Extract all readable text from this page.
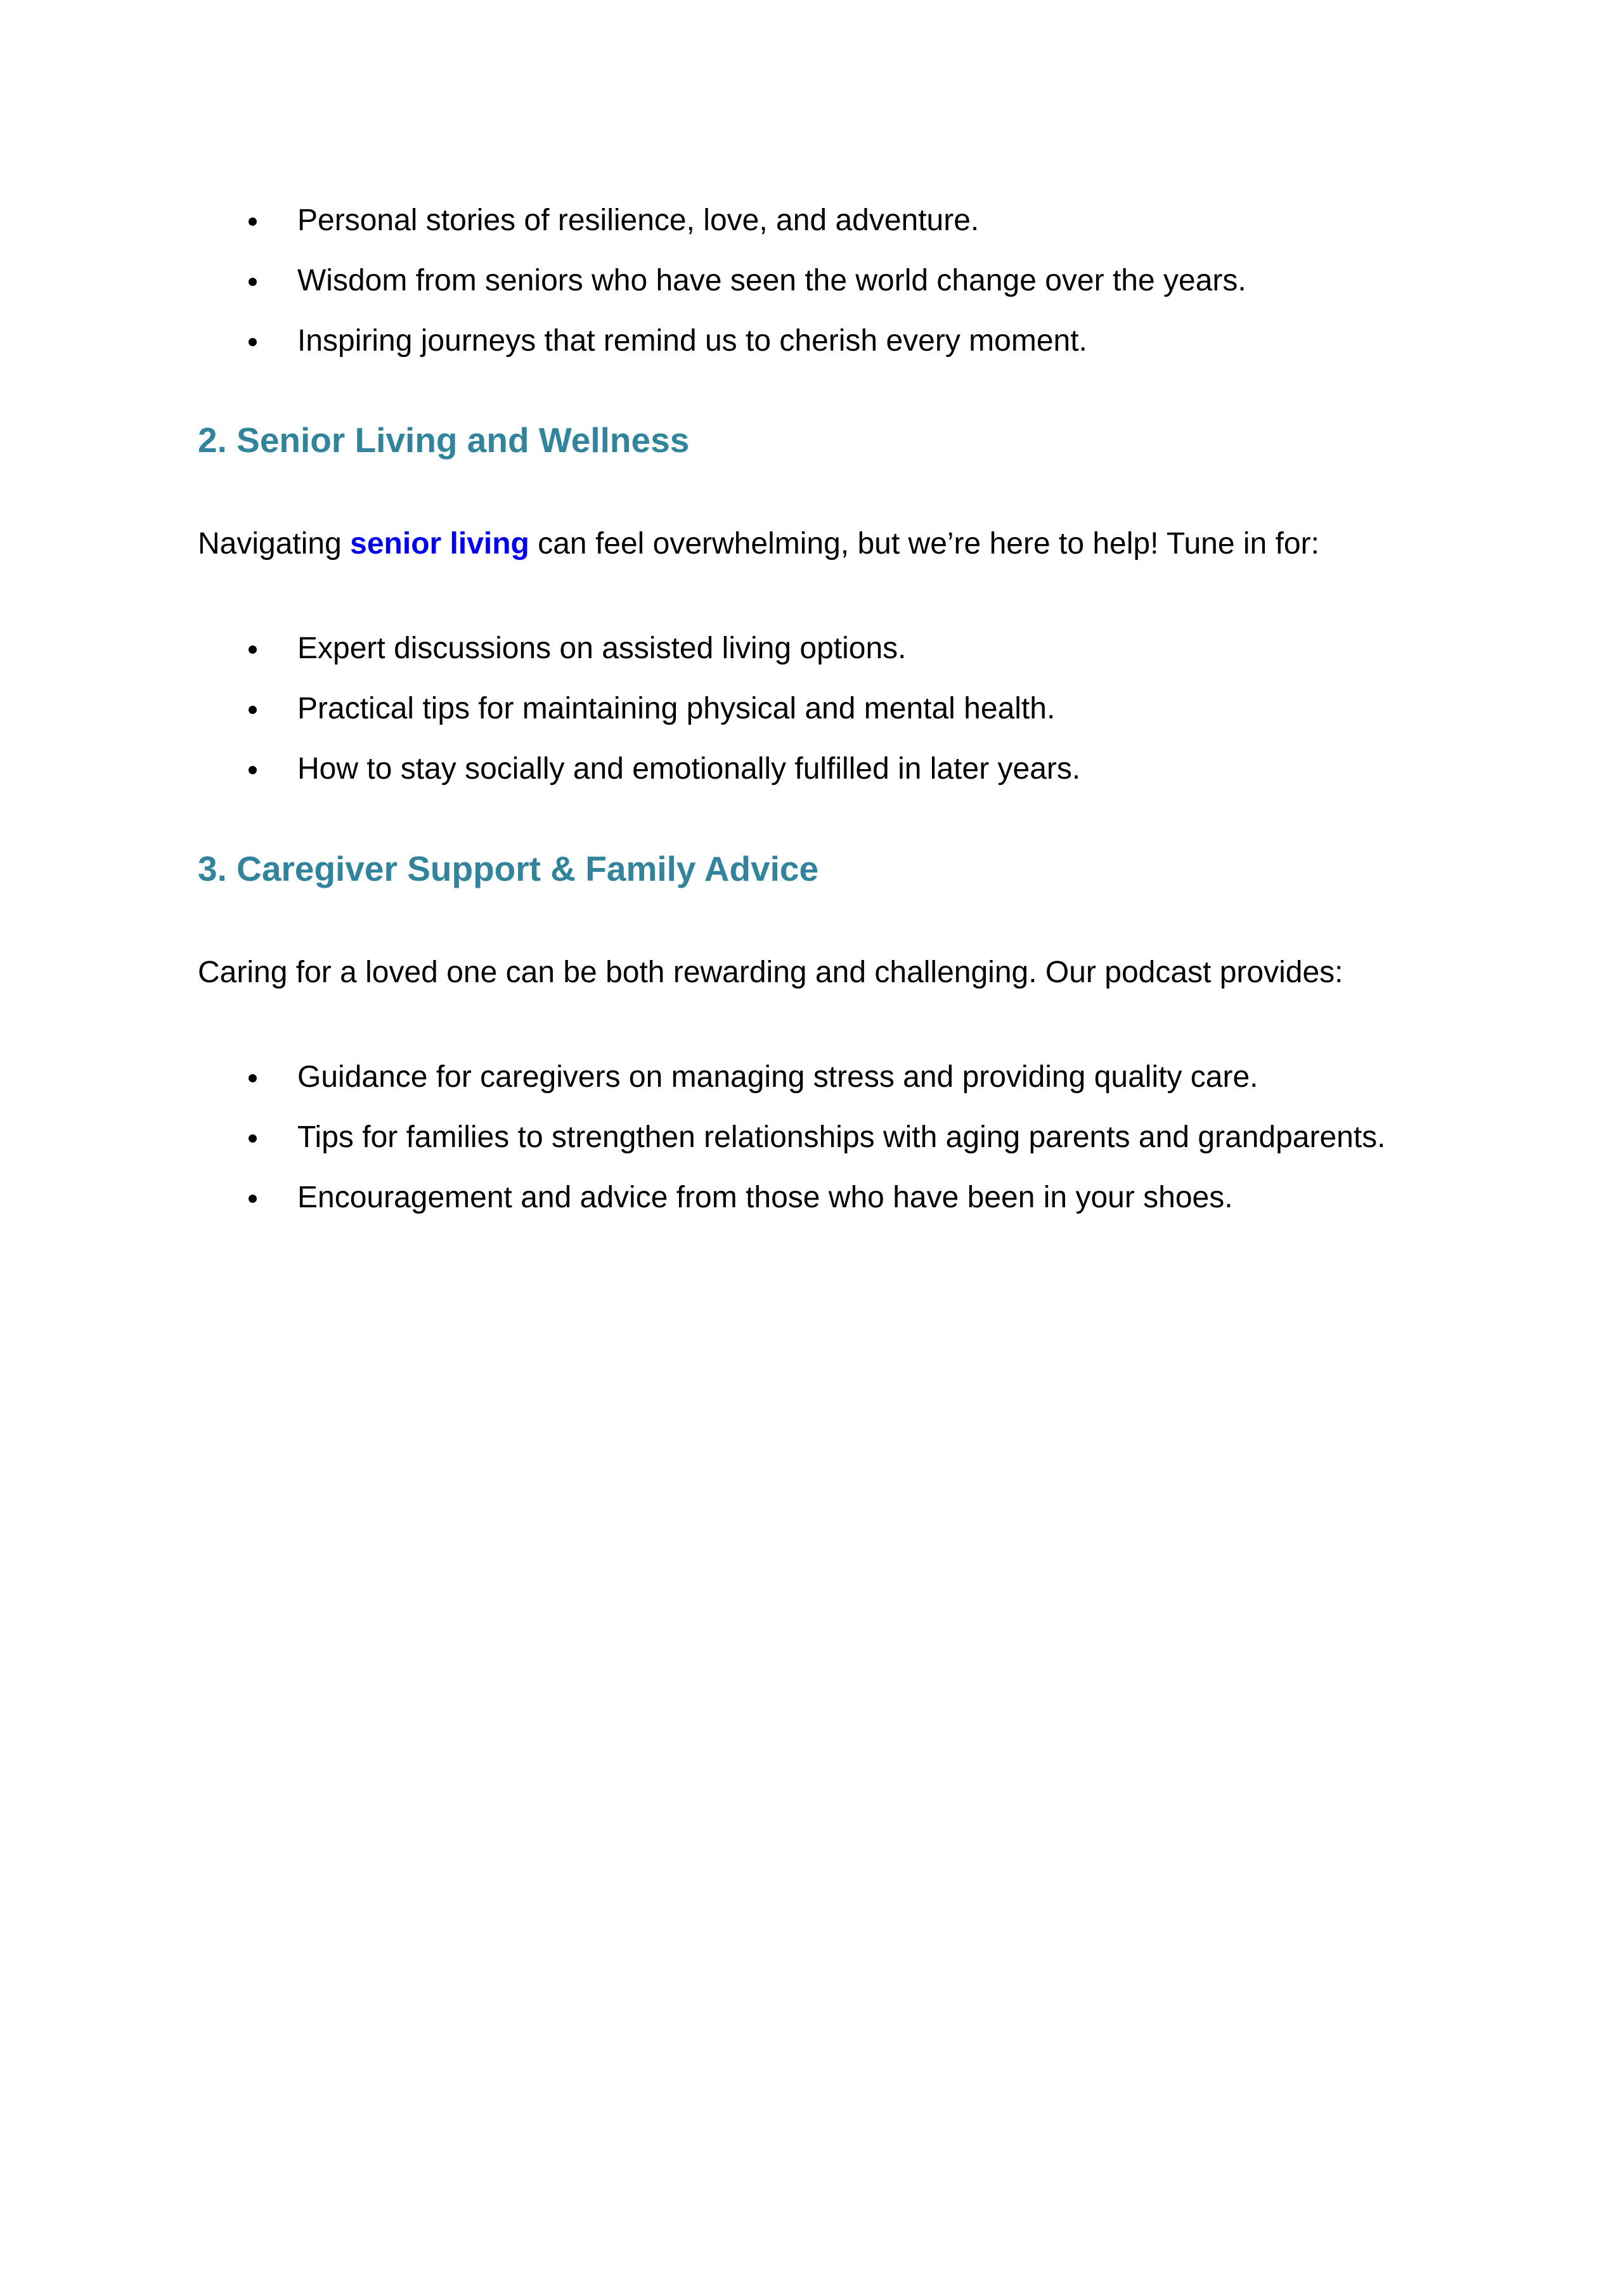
Personal stories of resilience, love, and adventure.
Wisdom from seniors who have seen the world change over the years.
Inspiring journeys that remind us to cherish every moment.
2. Senior Living and Wellness

Navigating senior living can feel overwhelming, but we’re here to help! Tune in for:

Expert discussions on assisted living options.
Practical tips for maintaining physical and mental health.
How to stay socially and emotionally fulfilled in later years.
3. Caregiver Support & Family Advice

Caring for a loved one can be both rewarding and challenging. Our podcast provides:

Guidance for caregivers on managing stress and providing quality care.
Tips for families to strengthen relationships with aging parents and grandparents.
Encouragement and advice from those who have been in your shoes.
